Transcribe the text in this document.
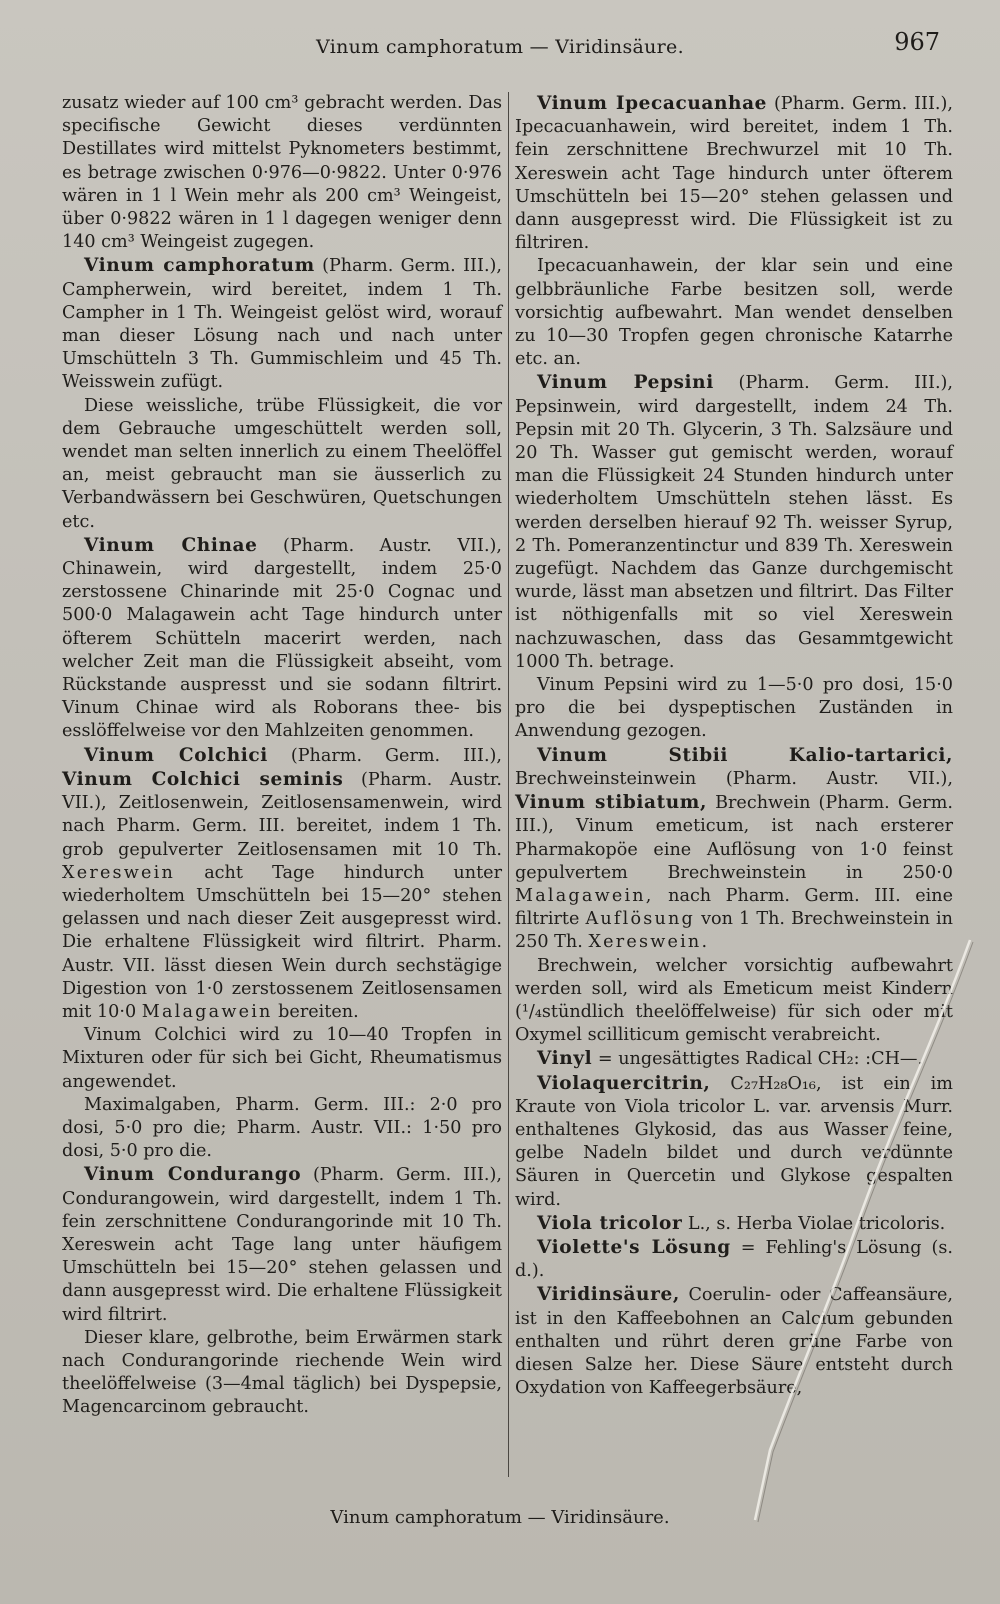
Vinum camphoratum — Viridinsäure.	967

zusatz wieder auf 100 cm³ gebracht werden. Das specifische Gewicht dieses verdünnten Destillates wird mittelst Pyknometers bestimmt, es betrage zwischen 0·976—0·9822. Unter 0·976 wären in 1 l Wein mehr als 200 cm³ Weingeist, über 0·9822 wären in 1 l dagegen weniger denn 140 cm³ Weingeist zugegen.

Vinum camphoratum (Pharm. Germ. III.), Campherwein, wird bereitet, indem 1 Th. Campher in 1 Th. Weingeist gelöst wird, worauf man dieser Lösung nach und nach unter Umschütteln 3 Th. Gummischleim und 45 Th. Weisswein zufügt.

Diese weissliche, trübe Flüssigkeit, die vor dem Gebrauche umgeschüttelt werden soll, wendet man selten innerlich zu einem Theelöffel an, meist gebraucht man sie äusserlich zu Verbandwässern bei Geschwüren, Quetschungen etc.

Vinum Chinae (Pharm. Austr. VII.), Chinawein, wird dargestellt, indem 25·0 zerstossene Chinarinde mit 25·0 Cognac und 500·0 Malagawein acht Tage hindurch unter öfterem Schütteln macerirt werden, nach welcher Zeit man die Flüssigkeit abseiht, vom Rückstande auspresst und sie sodann filtrirt. Vinum Chinae wird als Roborans thee- bis esslöffelweise vor den Mahlzeiten genommen.

Vinum Colchici (Pharm. Germ. III.), Vinum Colchici seminis (Pharm. Austr. VII.), Zeitlosenwein, Zeitlosensamenwein, wird nach Pharm. Germ. III. bereitet, indem 1 Th. grob gepulverter Zeitlosensamen mit 10 Th. Xereswein acht Tage hindurch unter wiederholtem Umschütteln bei 15—20° stehen gelassen und nach dieser Zeit ausgepresst wird. Die erhaltene Flüssigkeit wird filtrirt. Pharm. Austr. VII. lässt diesen Wein durch sechstägige Digestion von 1·0 zerstossenem Zeitlosensamen mit 10·0 Malagawein bereiten.

Vinum Colchici wird zu 10—40 Tropfen in Mixturen oder für sich bei Gicht, Rheumatismus angewendet.

Maximalgaben, Pharm. Germ. III.: 2·0 pro dosi, 5·0 pro die; Pharm. Austr. VII.: 1·50 pro dosi, 5·0 pro die.

Vinum Condurango (Pharm. Germ. III.), Condurangowein, wird dargestellt, indem 1 Th. fein zerschnittene Condurangorinde mit 10 Th. Xereswein acht Tage lang unter häufigem Umschütteln bei 15—20° stehen gelassen und dann ausgepresst wird. Die erhaltene Flüssigkeit wird filtrirt.

Dieser klare, gelbrothe, beim Erwärmen stark nach Condurangorinde riechende Wein wird theelöffelweise (3—4mal täglich) bei Dyspepsie, Magencarcinom gebraucht.

Vinum Ipecacuanhae (Pharm. Germ. III.), Ipecacuanhawein, wird bereitet, indem 1 Th. fein zerschnittene Brechwurzel mit 10 Th. Xereswein acht Tage hindurch unter öfterem Umschütteln bei 15—20° stehen gelassen und dann ausgepresst wird. Die Flüssigkeit ist zu filtriren.

Ipecacuanhawein, der klar sein und eine gelbbräunliche Farbe besitzen soll, werde vorsichtig aufbewahrt. Man wendet denselben zu 10—30 Tropfen gegen chronische Katarrhe etc. an.

Vinum Pepsini (Pharm. Germ. III.), Pepsinwein, wird dargestellt, indem 24 Th. Pepsin mit 20 Th. Glycerin, 3 Th. Salzsäure und 20 Th. Wasser gut gemischt werden, worauf man die Flüssigkeit 24 Stunden hindurch unter wiederholtem Umschütteln stehen lässt. Es werden derselben hierauf 92 Th. weisser Syrup, 2 Th. Pomeranzentinctur und 839 Th. Xereswein zugefügt. Nachdem das Ganze durchgemischt wurde, lässt man absetzen und filtrirt. Das Filter ist nöthigenfalls mit so viel Xereswein nachzuwaschen, dass das Gesammtgewicht 1000 Th. betrage.

Vinum Pepsini wird zu 1—5·0 pro dosi, 15·0 pro die bei dyspeptischen Zuständen in Anwendung gezogen.

Vinum Stibii Kalio-tartarici, Brechweinsteinwein (Pharm. Austr. VII.), Vinum stibiatum, Brechwein (Pharm. Germ. III.), Vinum emeticum, ist nach ersterer Pharmakopöe eine Auflösung von 1·0 feinst gepulvertem Brechweinstein in 250·0 Malagawein, nach Pharm. Germ. III. eine filtrirte Auflösung von 1 Th. Brechweinstein in 250 Th. Xereswein.

Brechwein, welcher vorsichtig aufbewahrt werden soll, wird als Emeticum meist Kindern (¹/₄stündlich theelöffelweise) für sich oder mit Oxymel scilliticum gemischt verabreicht.

Vinyl = ungesättigtes Radical CH₂: :CH—.

Violaquercitrin, C₂₇H₂₈O₁₆, ist ein im Kraute von Viola tricolor L. var. arvensis Murr. enthaltenes Glykosid, das aus Wasser feine, gelbe Nadeln bildet und durch verdünnte Säuren in Quercetin und Glykose gespalten wird.

Viola tricolor L., s. Herba Violae tricoloris.

Violette's Lösung = Fehling's Lösung (s. d.).

Viridinsäure, Coerulin- oder Caffeansäure, ist in den Kaffeebohnen an Calcium gebunden enthalten und rührt deren grüne Farbe von diesen Salze her. Diese Säure entsteht durch Oxydation von Kaffeegerbsäure,

Vinum camphoratum — Viridinsäure.
